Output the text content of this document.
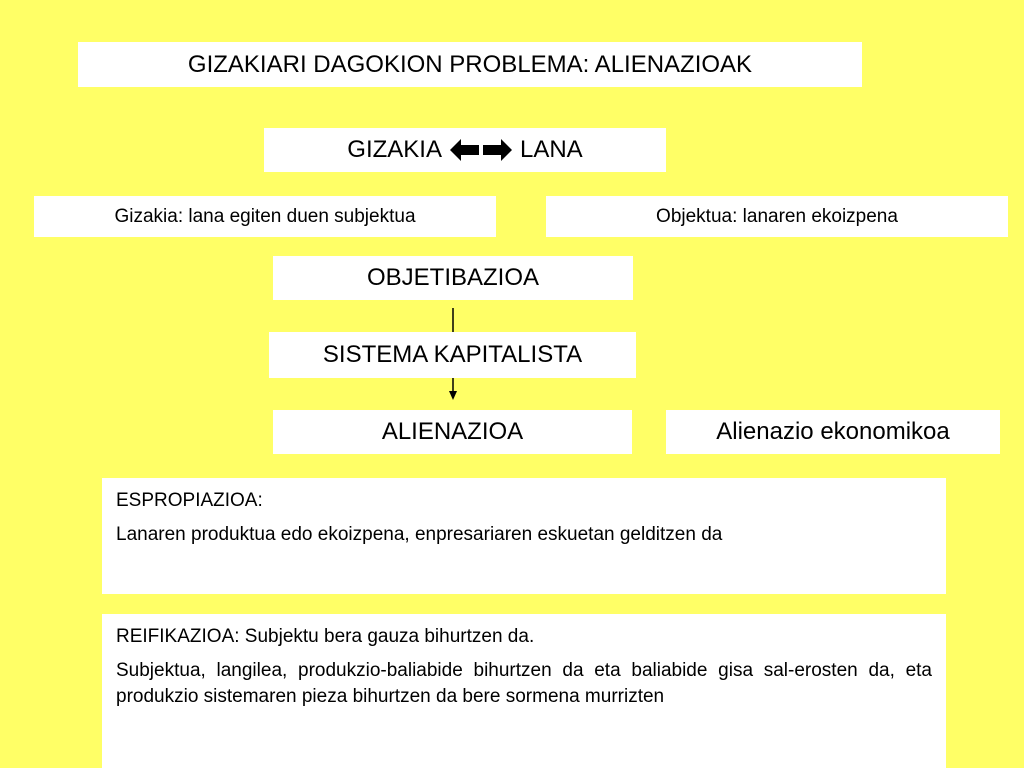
GIZAKIARI DAGOKION PROBLEMA: ALIENAZIOAK
GIZAKIA	LANA
Gizakia: lana egiten duen subjektua	Objektua: lanaren ekoizpena
OBJETIBAZIOA
SISTEMA KAPITALISTA
ALIENAZIOA	Alienazio ekonomikoa

ESPROPIAZIOA:

Lanaren produktua edo ekoizpena, enpresariaren eskuetan gelditzen da

REIFIKAZIOA: Subjektu bera gauza bihurtzen da.

Subjektua, langilea, produkzio-baliabide bihurtzen da eta baliabide gisa sal-erosten da, eta produkzio sistemaren pieza bihurtzen da bere sormena murrizten
